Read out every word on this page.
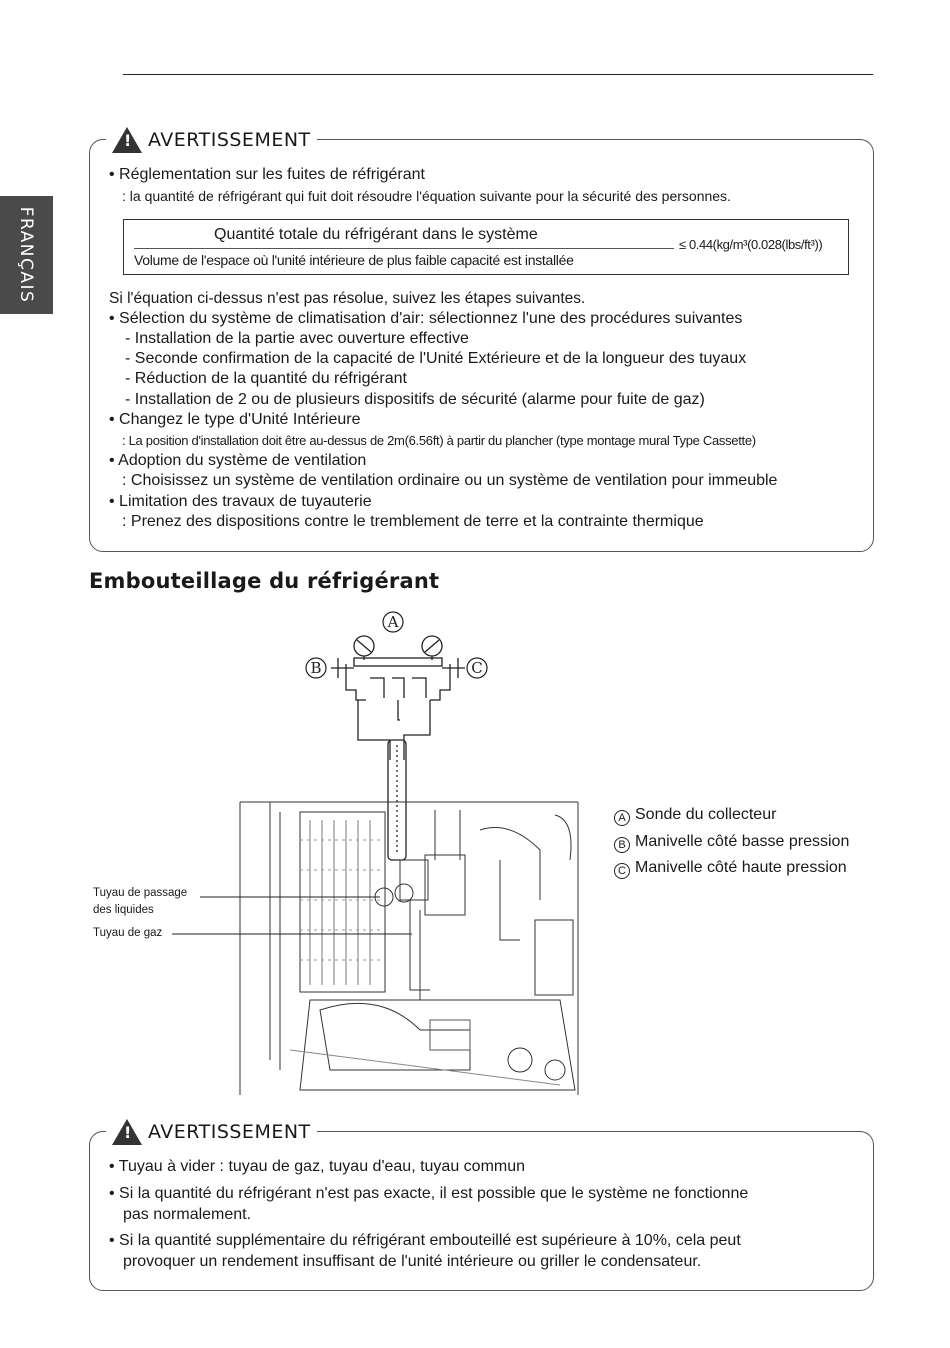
FRANÇAIS
! AVERTISSEMENT
• Réglementation sur les fuites de réfrigérant
: la quantité de réfrigérant qui fuit doit résoudre l'équation suivante pour la sécurité des personnes.
Quantité totale du réfrigérant dans le système
Volume de l'espace où l'unité intérieure de plus faible capacité est installée
≤ 0.44(kg/m³(0.028(lbs/ft³))
Si l'équation ci-dessus n'est pas résolue, suivez les étapes suivantes.
• Sélection du système de climatisation d'air: sélectionnez l'une des procédures suivantes
- Installation de la partie avec ouverture effective
- Seconde confirmation de la capacité de l'Unité Extérieure et de la longueur des tuyaux
- Réduction de la quantité du réfrigérant
- Installation de 2 ou de plusieurs dispositifs de sécurité (alarme pour fuite de gaz)
• Changez le type d'Unité Intérieure
: La position d'installation doit être au-dessus de 2m(6.56ft) à partir du plancher (type montage mural Type Cassette)
• Adoption du système de ventilation
: Choisissez un système de ventilation ordinaire ou un système de ventilation pour immeuble
• Limitation des travaux de tuyauterie
: Prenez des dispositions contre le tremblement de terre et la contrainte thermique
Embouteillage du réfrigérant
A
B	C
Tuyau de passage
des liquides
Tuyau de gaz
A Sonde du collecteur
B Manivelle côté basse pression
C Manivelle côté haute pression
! AVERTISSEMENT
• Tuyau à vider : tuyau de gaz, tuyau d'eau, tuyau commun
• Si la quantité du réfrigérant n'est pas exacte, il est possible que le système ne fonctionne
pas normalement.
• Si la quantité supplémentaire du réfrigérant embouteillé est supérieure à 10%, cela peut
provoquer un rendement insuffisant de l'unité intérieure ou griller le condensateur.
